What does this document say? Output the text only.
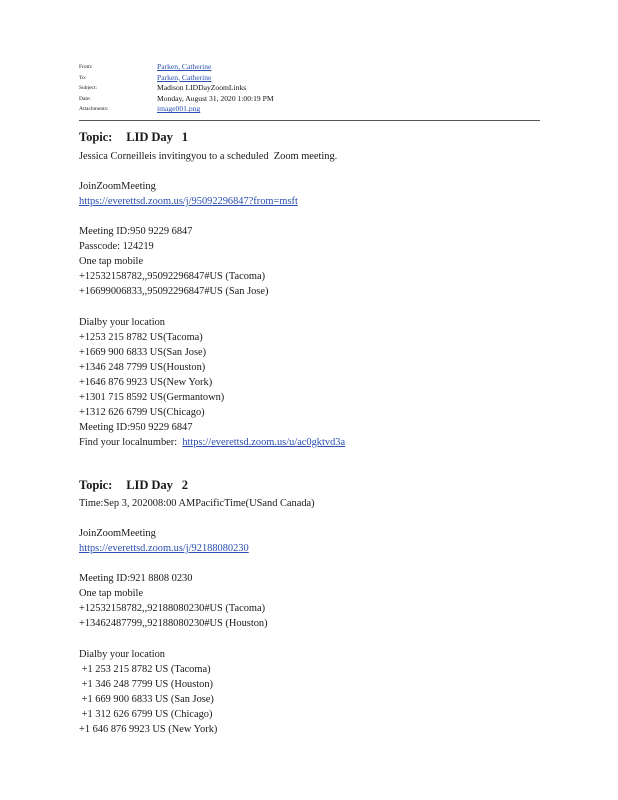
From:	Parken, Catherine
To:	Parken, Catherine
Subject:	Madison LIDDayZoomLinks
Date:	Monday, August 31, 2020 1:00:19 PM
Attachments:	image001.png
Topic: LID Day 1
Jessica Corneilleis invitingyou to a scheduled  Zoom meeting.
JoinZoomMeeting
https://everettsd.zoom.us/j/95092296847?from=msft
Meeting ID:950 9229 6847
Passcode: 124219
One tap mobile
+12532158782,,95092296847#US (Tacoma)
+16699006833,,95092296847#US (San Jose)
Dialby your location
+1253 215 8782 US(Tacoma)
+1669 900 6833 US(San Jose)
+1346 248 7799 US(Houston)
+1646 876 9923 US(New York)
+1301 715 8592 US(Germantown)
+1312 626 6799 US(Chicago)
Meeting ID:950 9229 6847
Find your localnumber: https://everettsd.zoom.us/u/ac0gktvd3a
Topic: LID Day 2
Time:Sep 3, 202008:00 AMPacificTime(USand Canada)
JoinZoomMeeting
https://everettsd.zoom.us/j/92188080230
Meeting ID:921 8808 0230
One tap mobile
+12532158782,,92188080230#US (Tacoma)
+13462487799,,92188080230#US (Houston)
Dialby your location
+1 253 215 8782 US (Tacoma)
+1 346 248 7799 US (Houston)
+1 669 900 6833 US (San Jose)
+1 312 626 6799 US (Chicago)
+1 646 876 9923 US (New York)
